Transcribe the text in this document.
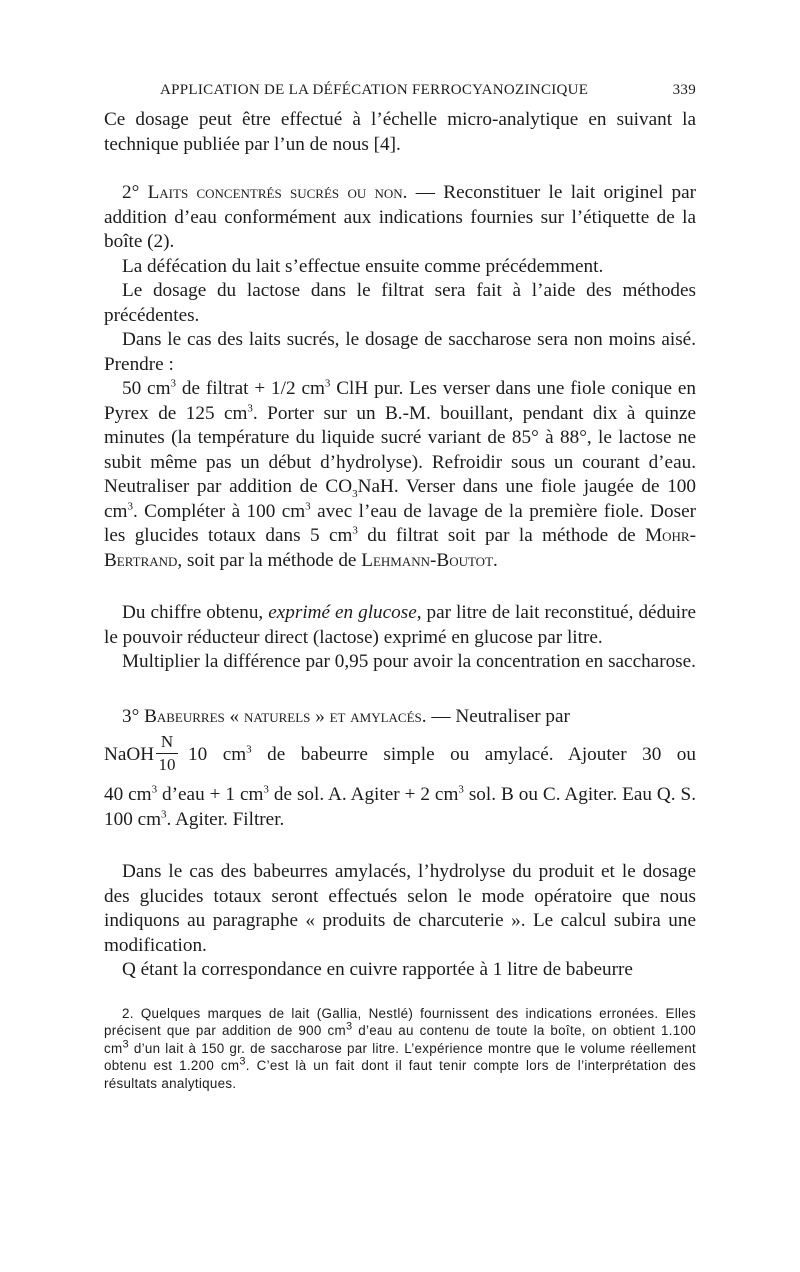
APPLICATION DE LA DÉFÉCATION FERROCYANOZINCIQUE	339

Ce dosage peut être effectué à l’échelle micro-analytique en suivant la technique publiée par l’un de nous [4].

2° Laits concentrés sucrés ou non. — Reconstituer le lait originel par addition d’eau conformément aux indications fournies sur l’étiquette de la boîte (2).

La défécation du lait s’effectue ensuite comme précédemment.

Le dosage du lactose dans le filtrat sera fait à l’aide des méthodes précédentes.

Dans le cas des laits sucrés, le dosage de saccharose sera non moins aisé. Prendre :

50 $cm^3$ de filtrat + 1/2 $cm^3$ ClH pur. Les verser dans une fiole conique en Pyrex de 125 $cm^3$. Porter sur un B.-M. bouillant, pendant dix à quinze minutes (la température du liquide sucré variant de 85° à 88°, le lactose ne subit même pas un début d’hydrolyse). Refroidir sous un courant d’eau. Neutraliser par addition de $CO_3NaH$. Verser dans une fiole jaugée de 100 $cm^3$. Compléter à 100 $cm^3$ avec l’eau de lavage de la première fiole. Doser les glucides totaux dans 5 $cm^3$ du filtrat soit par la méthode de Mohr-Bertrand, soit par la méthode de Lehmann-Boutot.

Du chiffre obtenu, exprimé en glucose, par litre de lait reconstitué, déduire le pouvoir réducteur direct (lactose) exprimé en glucose par litre.

Multiplier la différence par 0,95 pour avoir la concentration en saccharose.

3° Babeurres « naturels » et amylacés. — Neutraliser par

NaOH $\frac{N}{10} 10$ $cm^3$ de babeurre simple ou amylacé. Ajouter 30 ou

40 $cm^3$ d’eau + 1 $cm^3$ de sol. A. Agiter + 2 $cm^3$ sol. B ou C. Agiter. Eau Q. S. 100 $cm^3$. Agiter. Filtrer.

Dans le cas des babeurres amylacés, l’hydrolyse du produit et le dosage des glucides totaux seront effectués selon le mode opératoire que nous indiquons au paragraphe « produits de charcuterie ». Le calcul subira une modification.

Q étant la correspondance en cuivre rapportée à 1 litre de babeurre

2. Quelques marques de lait (Gallia, Nestlé) fournissent des indications erronées. Elles précisent que par addition de 900 $cm^3$ d’eau au contenu de toute la boîte, on obtient 1.100 $cm^3$ d’un lait à 150 gr. de saccharose par litre. L’expérience montre que le volume réellement obtenu est 1.200 $cm^3$. C’est là un fait dont il faut tenir compte lors de l’interprétation des résultats analytiques.
